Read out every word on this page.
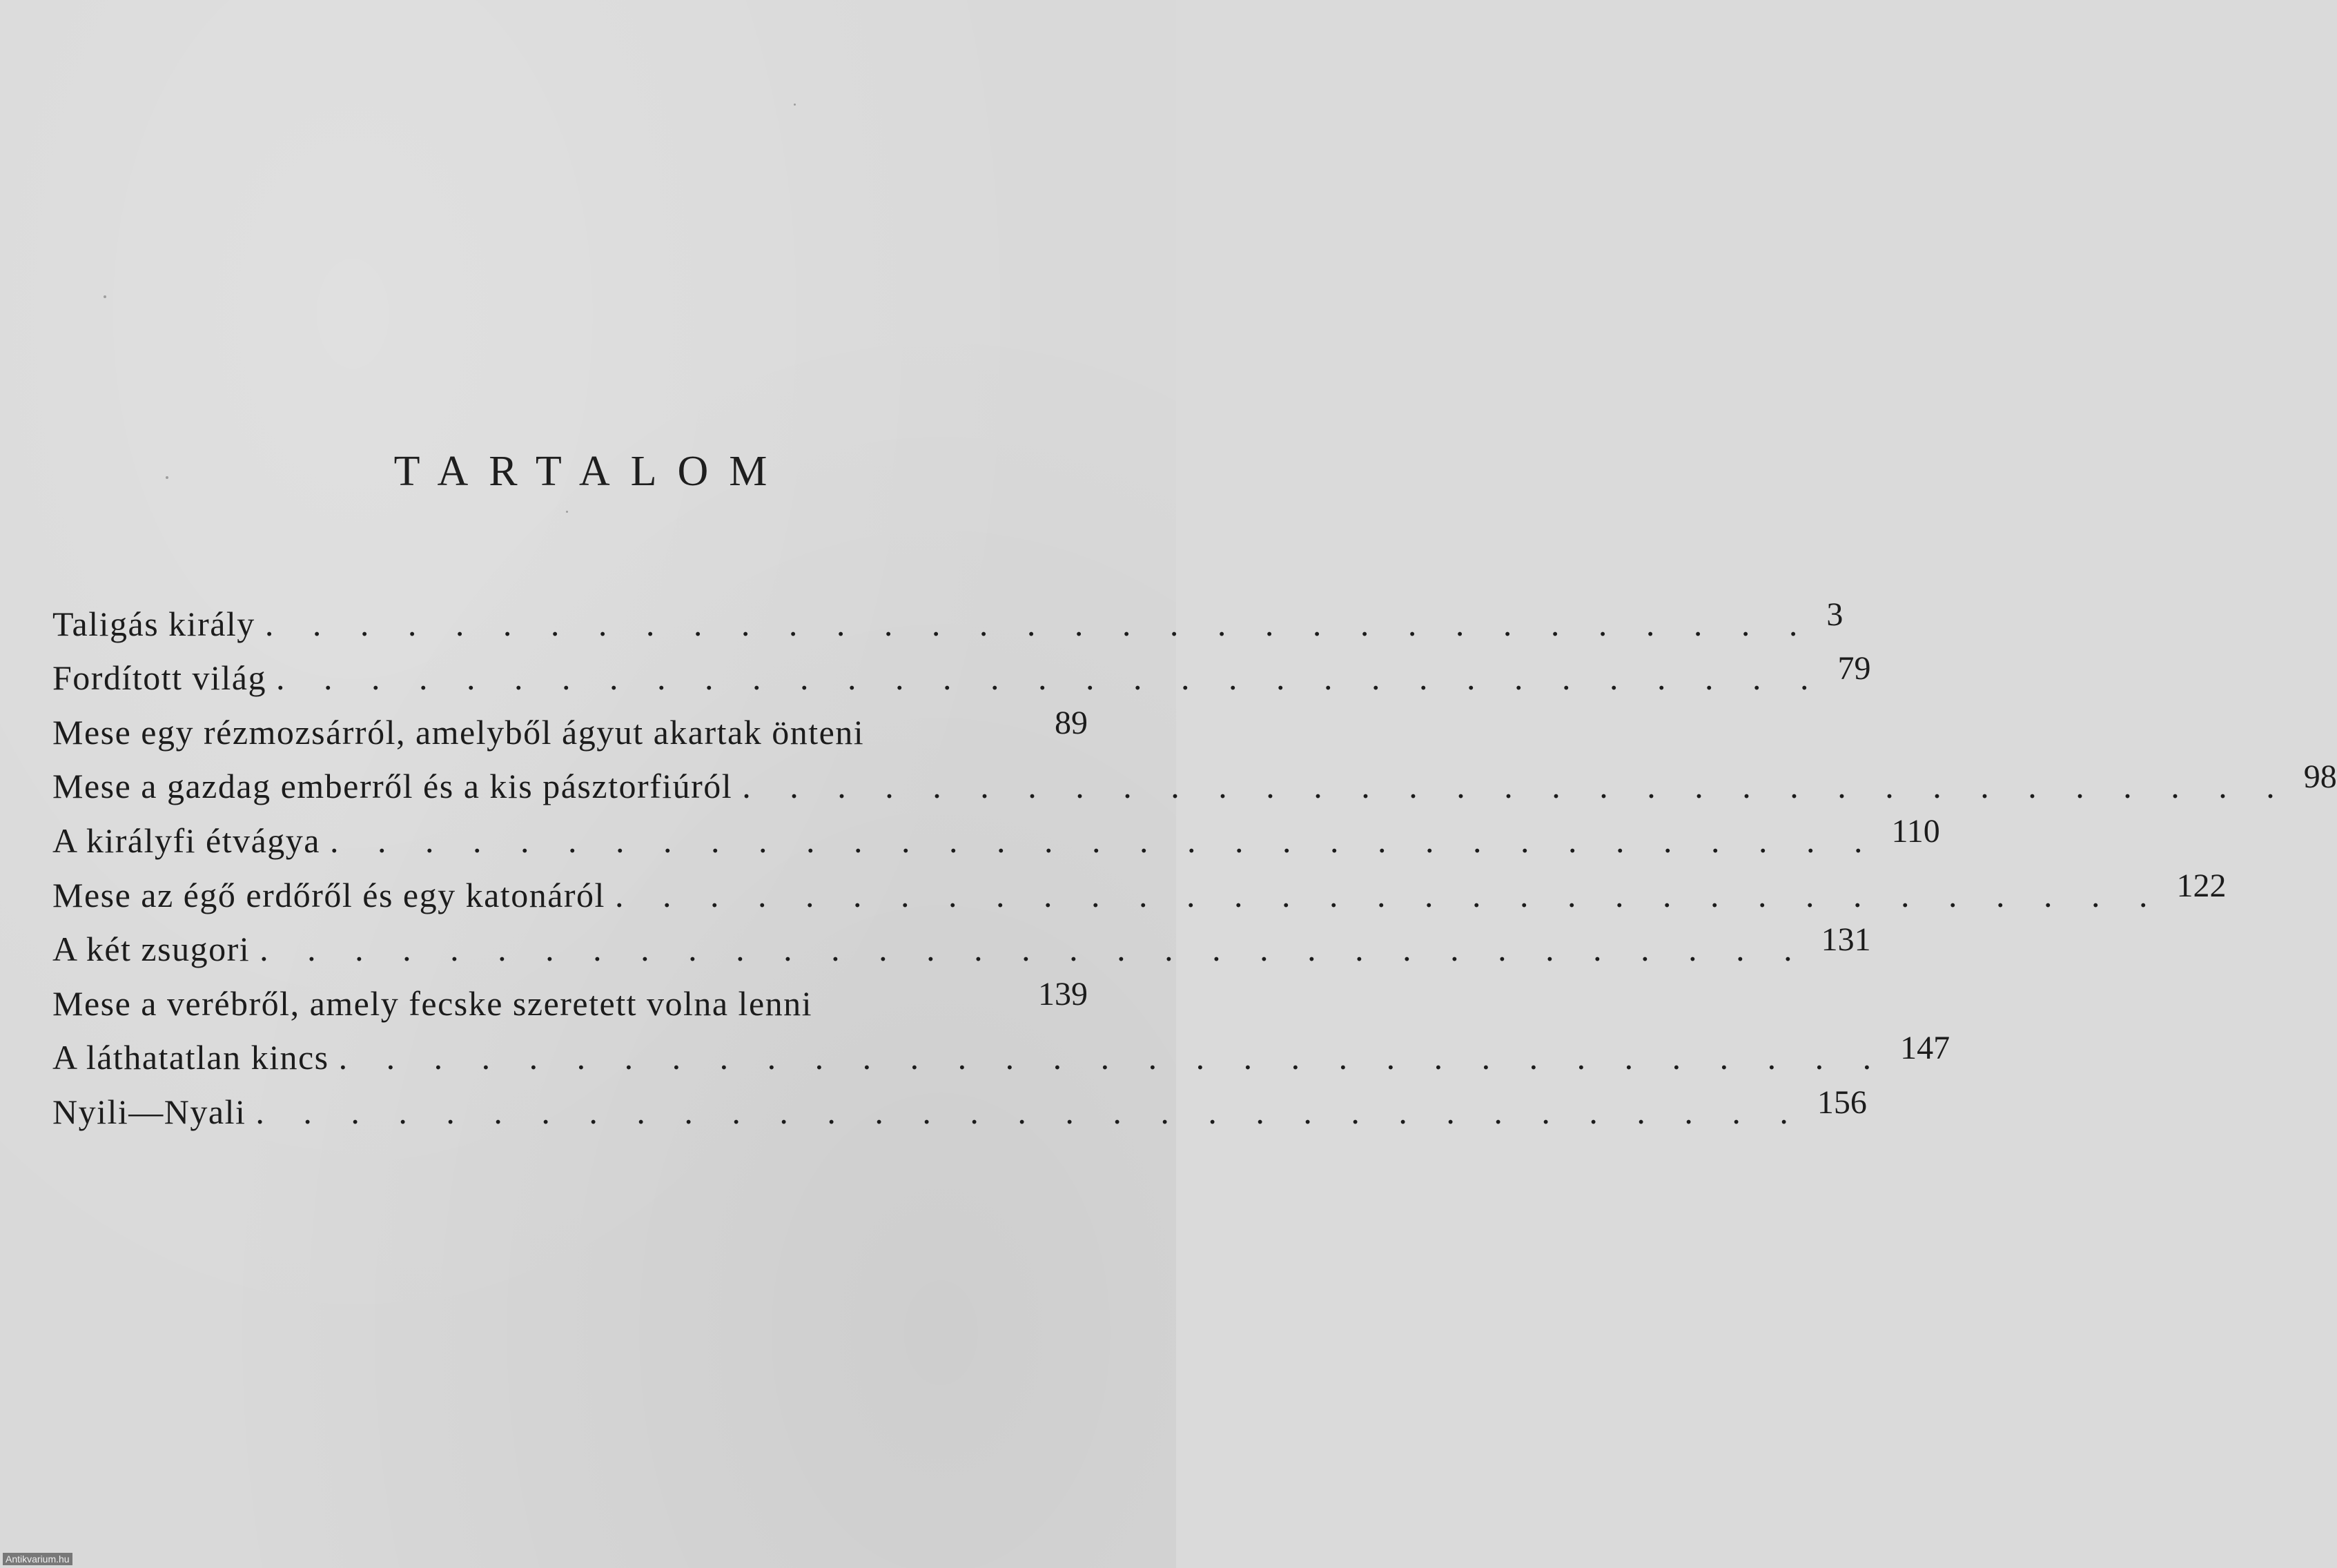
TARTALOM
Taligás király . . . . . . . . . . . . . . . . . . . . . . . . . . . . . . . . . 3
Fordított világ . . . . . . . . . . . . . . . . . . . . . . . . . . . . . . . . . 79
Mese egy rézmozsárról, amelyből ágyut akartak önteni	89
Mese a gazdag emberről és a kis pásztorfiúról . . . . . . . . . . . . . . . . . . . . . . . . . . . . . . . . . 98
A királyfi étvágya . . . . . . . . . . . . . . . . . . . . . . . . . . . . . . . . . 110
Mese az égő erdőről és egy katonáról . . . . . . . . . . . . . . . . . . . . . . . . . . . . . . . . . 122
A két zsugori . . . . . . . . . . . . . . . . . . . . . . . . . . . . . . . . . 131
Mese a verébről, amely fecske szeretett volna lenni	139
A láthatatlan kincs . . . . . . . . . . . . . . . . . . . . . . . . . . . . . . . . . 147
Nyili—Nyali . . . . . . . . . . . . . . . . . . . . . . . . . . . . . . . . . 156
Antikvarium.hu
